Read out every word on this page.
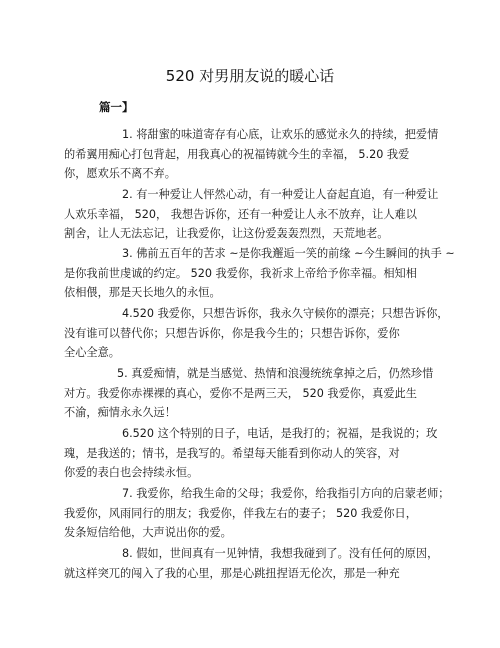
520 对男朋友说的暖心话
篇一】
1. 将甜蜜的味道寄存有心底，让欢乐的感觉永久的持续，把爱情
的希翼用痴心打包背起，用我真心的祝福铸就今生的幸福， 5.20 我爱
你，愿欢乐不离不弃。
2. 有一种爱让人怦然心动，有一种爱让人奋起直追，有一种爱让
人欢乐幸福， 520， 我想告诉你，还有一种爱让人永不放弃，让人难以
割舍，让人无法忘记，让我爱你，让这份爱轰轰烈烈，天荒地老。
3. 佛前五百年的苦求 ~是你我邂逅一笑的前缘 ~今生瞬间的执手 ~
是你我前世虔诚的约定。 520 我爱你，我祈求上帝给予你幸福。相知相
依相偎，那是天长地久的永恒。
4.520 我爱你，只想告诉你，我永久守候你的漂亮；只想告诉你，
没有谁可以替代你；只想告诉你，你是我今生的；只想告诉你，爱你
全心全意。
5. 真爱痴情，就是当感觉、热情和浪漫统统拿掉之后，仍然珍惜
对方。我爱你赤裸裸的真心，爱你不是两三天， 520 我爱你，真爱此生
不渝，痴情永永久远！
6.520 这个特别的日子，电话，是我打的；祝福，是我说的；玫
瑰，是我送的；情书，是我写的。希望每天能看到你动人的笑容，对
你爱的表白也会持续永恒。
7. 我爱你，给我生命的父母；我爱你，给我指引方向的启蒙老师；
我爱你，风雨同行的朋友；我爱你，伴我左右的妻子； 520 我爱你日，
发条短信给他，大声说出你的爱。
8. 假如，世间真有一见钟情，我想我碰到了。没有任何的原因，
就这样突兀的闯入了我的心里，那是心跳扭捏语无伦次，那是一种充
